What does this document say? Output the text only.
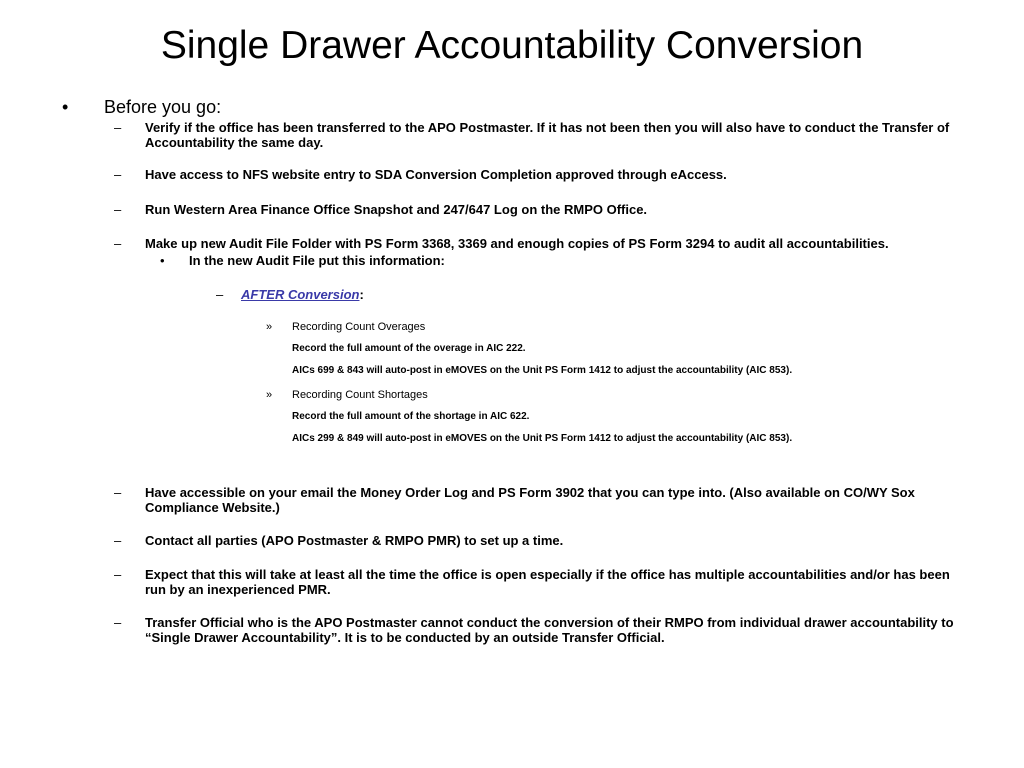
Single Drawer Accountability Conversion
•	Before you go:
–	Verify if the office has been transferred to the APO Postmaster. If it has not been then you will also have to conduct the Transfer of Accountability the same day.
–	Have access to NFS website entry to SDA Conversion Completion approved through eAccess.
–	Run Western Area Finance Office Snapshot and 247/647 Log on the RMPO Office.
–	Make up new Audit File Folder with PS Form 3368, 3369 and enough copies of PS Form 3294 to audit all accountabilities.
•	In the new Audit File put this information:
–	AFTER Conversion:
»	Recording Count Overages
Record the full amount of the overage in AIC 222.
AICs 699 & 843 will auto-post in eMOVES on the Unit PS Form 1412 to adjust the accountability (AIC 853).
»	Recording Count Shortages
Record the full amount of the shortage in AIC 622.
AICs 299 & 849 will auto-post in eMOVES on the Unit PS Form 1412 to adjust the accountability (AIC 853).
–	Have accessible on your email the Money Order Log and PS Form 3902 that you can type into. (Also available on CO/WY Sox Compliance Website.)
–	Contact all parties (APO Postmaster & RMPO PMR) to set up a time.
–	Expect that this will take at least all the time the office is open especially if the office has multiple accountabilities and/or has been run by an inexperienced PMR.
–	Transfer Official who is the APO Postmaster cannot conduct the conversion of their RMPO from individual drawer accountability to “Single Drawer Accountability”. It is to be conducted by an outside Transfer Official.
